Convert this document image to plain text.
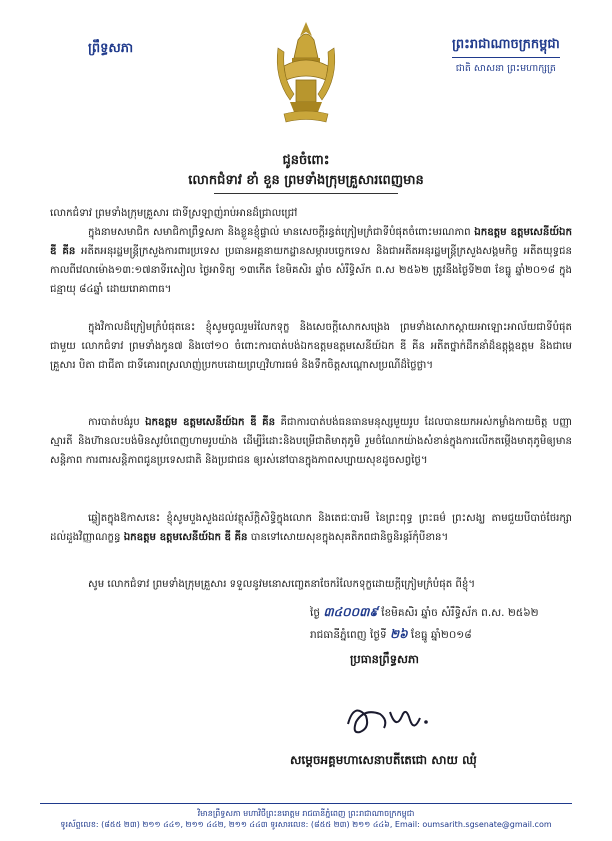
ព្រឹទ្ធសភា	ព្រះរាជាណាចក្រកម្ពុជា
ជាតិ សាសនា ព្រះមហាក្សត្រ
ជូនចំពោះ
លោកជំទាវ ខាំ ខួន ព្រមទាំងក្រុមគ្រួសារពេញមាន
លោកជំទាវ ព្រមទាំងក្រុមគ្រួសារ ជាទីស្រឡាញ់រាប់អានដ៏ជ្រាលជ្រៅ
ក្នុងនាមសមាជិក សមាជិកាព្រឹទ្ធសភា និងខ្លួនខ្ញុំផ្ទាល់ មានសេចក្តីរន្ធត់ក្រៀមក្រំជាទីបំផុតចំពោះមរណភាព ឯកឧត្តម ឧត្តមសេនីយ៍ឯក ឌី គីន អតីតអនុរដ្ឋមន្ត្រីក្រសួងការពារប្រទេស ប្រធានអគ្គនាយកដ្ឋានសម្ភារបច្ចេកទេស និងជាអតីតអនុរដ្ឋមន្ត្រីក្រសួងសង្គមកិច្ច អតីតយុទ្ធជន កាលពីវេលាម៉ោង១៣:១៧នាទីរសៀល ថ្ងៃអាទិត្យ ១៣កើត ខែមិគសិរ ឆ្នាំច សំរឹទ្ធិស័ក ព.ស ២៥៦២ ត្រូវនឹងថ្ងៃទី២៣ ខែធ្នូ ឆ្នាំ២០១៨ ក្នុងជន្មាយុ ៨៤ឆ្នាំ ដោយរោគាពាធ។
ក្នុងវិកាលដ៏ក្រៀមក្រំបំផុតនេះ ខ្ញុំសូមចូលរួមរំលែកទុក្ខ និងសេចក្តីសោកសង្រេង ព្រមទាំងសោកស្តាយអាឡោះអាល័យជាទីបំផុតជាមួយ លោកជំទាវ ព្រមទាំងកូន៧ និងចៅ១០ ចំពោះការបាត់បង់ឯកឧត្តមឧត្តមសេនីយ៍ឯក ឌី គីន អតីតថ្នាក់ដឹកនាំដ៏ឧត្តុង្គឧត្តម និងជាមេគ្រួសារ បិតា ជាជីតា ជាទីគោរពស្រលាញ់ប្រកបដោយព្រហ្មវិហារធម៌ និងទឹកចិត្តសណ្តោសប្រណីដ៏ថ្លៃថ្លា។
ការបាត់បង់រូប ឯកឧត្តម ឧត្តមសេនីយ៍ឯក ឌី គីន គឺជាការបាត់បង់ធនធានមនុស្សមួយរូប ដែលបានយកអស់កម្លាំងកាយចិត្ត បញ្ញា ស្មារតី និងហ៊ានលះបង់មិនសូវបំពេញហាមរូបយ៉ាង ដើម្បីរំដោះនិងបម្រើជាតិមាតុភូមិ រួមចំណែកយ៉ាងសំខាន់ក្នុងការលើកតម្កើងមាតុភូមិឲ្យមានសន្តិភាព ការពារសន្តិភាពជូនប្រទេសជាតិ និងប្រជាជន ឲ្យរស់នៅបានក្នុងភាពសប្បាយសុខដូចសព្វថ្ងៃ។
ឆ្លៀតក្នុងឱកាសនេះ ខ្ញុំសូមបួងសួងដល់វត្ថុស័ក្តិសិទ្ធិក្នុងលោក និងតេជៈបារមី នៃព្រះពុទ្ធ ព្រះធម៌ ព្រះសង្ឃ តាមជួយបីបាច់ថែរក្សាដល់ដួងវិញ្ញាណក្ខន្ធ ឯកឧត្តម ឧត្តមសេនីយ៍ឯក ឌី គីន បានទៅសោយសុខក្នុងសុគតិភពជានិច្ចនិរន្តរ៍កុំបីខាន។
សូម លោកជំទាវ ព្រមទាំងក្រុមគ្រួសារ ទទួលនូវមនោសញ្ចេតនាចែករំលែកទុក្ខដោយក្តីក្រៀមក្រំបំផុត ពីខ្ញុំ។
ថ្ងៃ ៣៤០០៣៩ ខែមិគសិរ ឆ្នាំច សំរឹទ្ធិស័ក ព.ស. ២៥៦២
រាជធានីភ្នំពេញ ថ្ងៃទី ២៦ ខែធ្នូ ឆ្នាំ២០១៨
ប្រធានព្រឹទ្ធសភា
សម្តេចអគ្គមហាសេនាបតីតេជោ សាយ ឈុំ
វិមានព្រឹទ្ធសភា មហាវិថីព្រះនរោត្តម រាជធានីភ្នំពេញ ព្រះរាជាណាចក្រកម្ពុជា
ទូរស័ព្ទលេខ: (៨៥៥ ២៣) ២១១ ៤៤១, ២១១ ៤៤២, ២១១ ៤៤៣ ទូរសារលេខ: (៨៥៥ ២៣) ២១១ ៤៤៦, Email: oumsarith.sgsenate@gmail.com
